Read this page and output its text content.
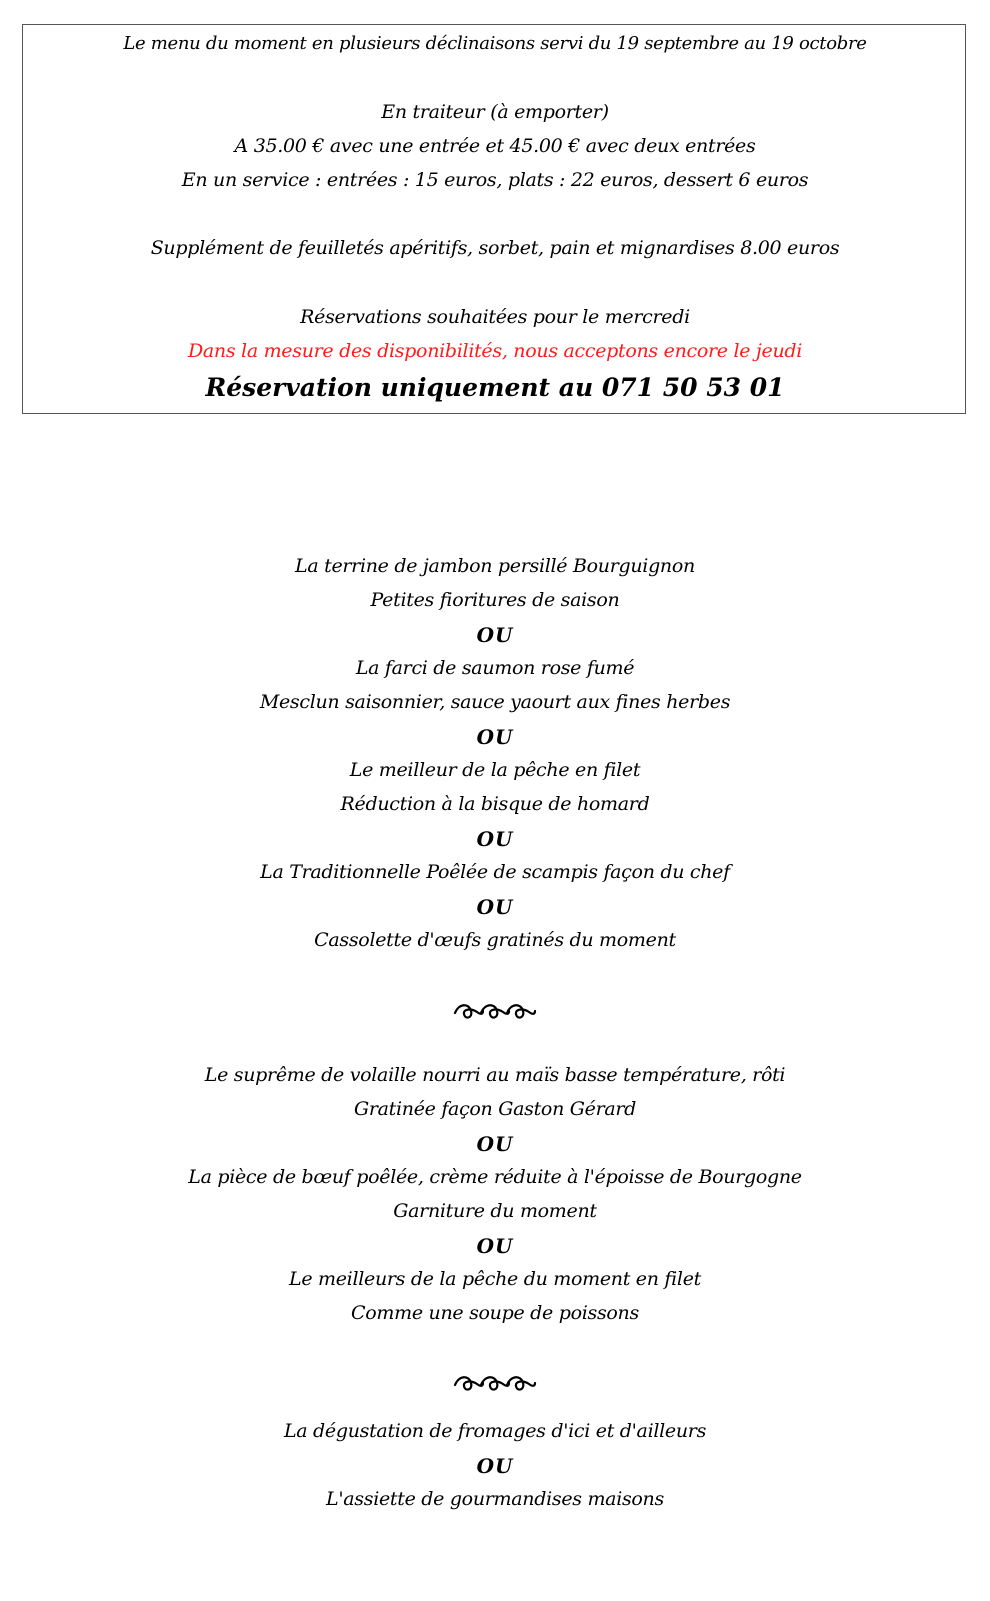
Le menu du moment en plusieurs déclinaisons servi du 19 septembre au 19 octobre
En traiteur (à emporter)
A 35.00 € avec une entrée et 45.00 € avec deux entrées
En un service : entrées : 15 euros, plats : 22 euros, dessert 6 euros
Supplément de feuilletés apéritifs, sorbet, pain et mignardises 8.00 euros
Réservations souhaitées pour le mercredi
Dans la mesure des disponibilités, nous acceptons encore le jeudi
Réservation uniquement au 071 50 53 01
La terrine de jambon persillé Bourguignon
Petites fioritures de saison
OU
La farci de saumon rose fumé
Mesclun saisonnier, sauce yaourt aux fines herbes
OU
Le meilleur de la pêche en filet
Réduction à la bisque de homard
OU
La Traditionnelle Poêlée de scampis façon du chef
OU
Cassolette d'œufs gratinés du moment
Le suprême de volaille nourri au maïs basse température, rôti
Gratinée façon Gaston Gérard
OU
La pièce de bœuf poêlée, crème réduite à l'époisse de Bourgogne
Garniture du moment
OU
Le meilleurs de la pêche du moment en filet
Comme une soupe de poissons
La dégustation de fromages d'ici et d'ailleurs
OU
L'assiette de gourmandises maisons
